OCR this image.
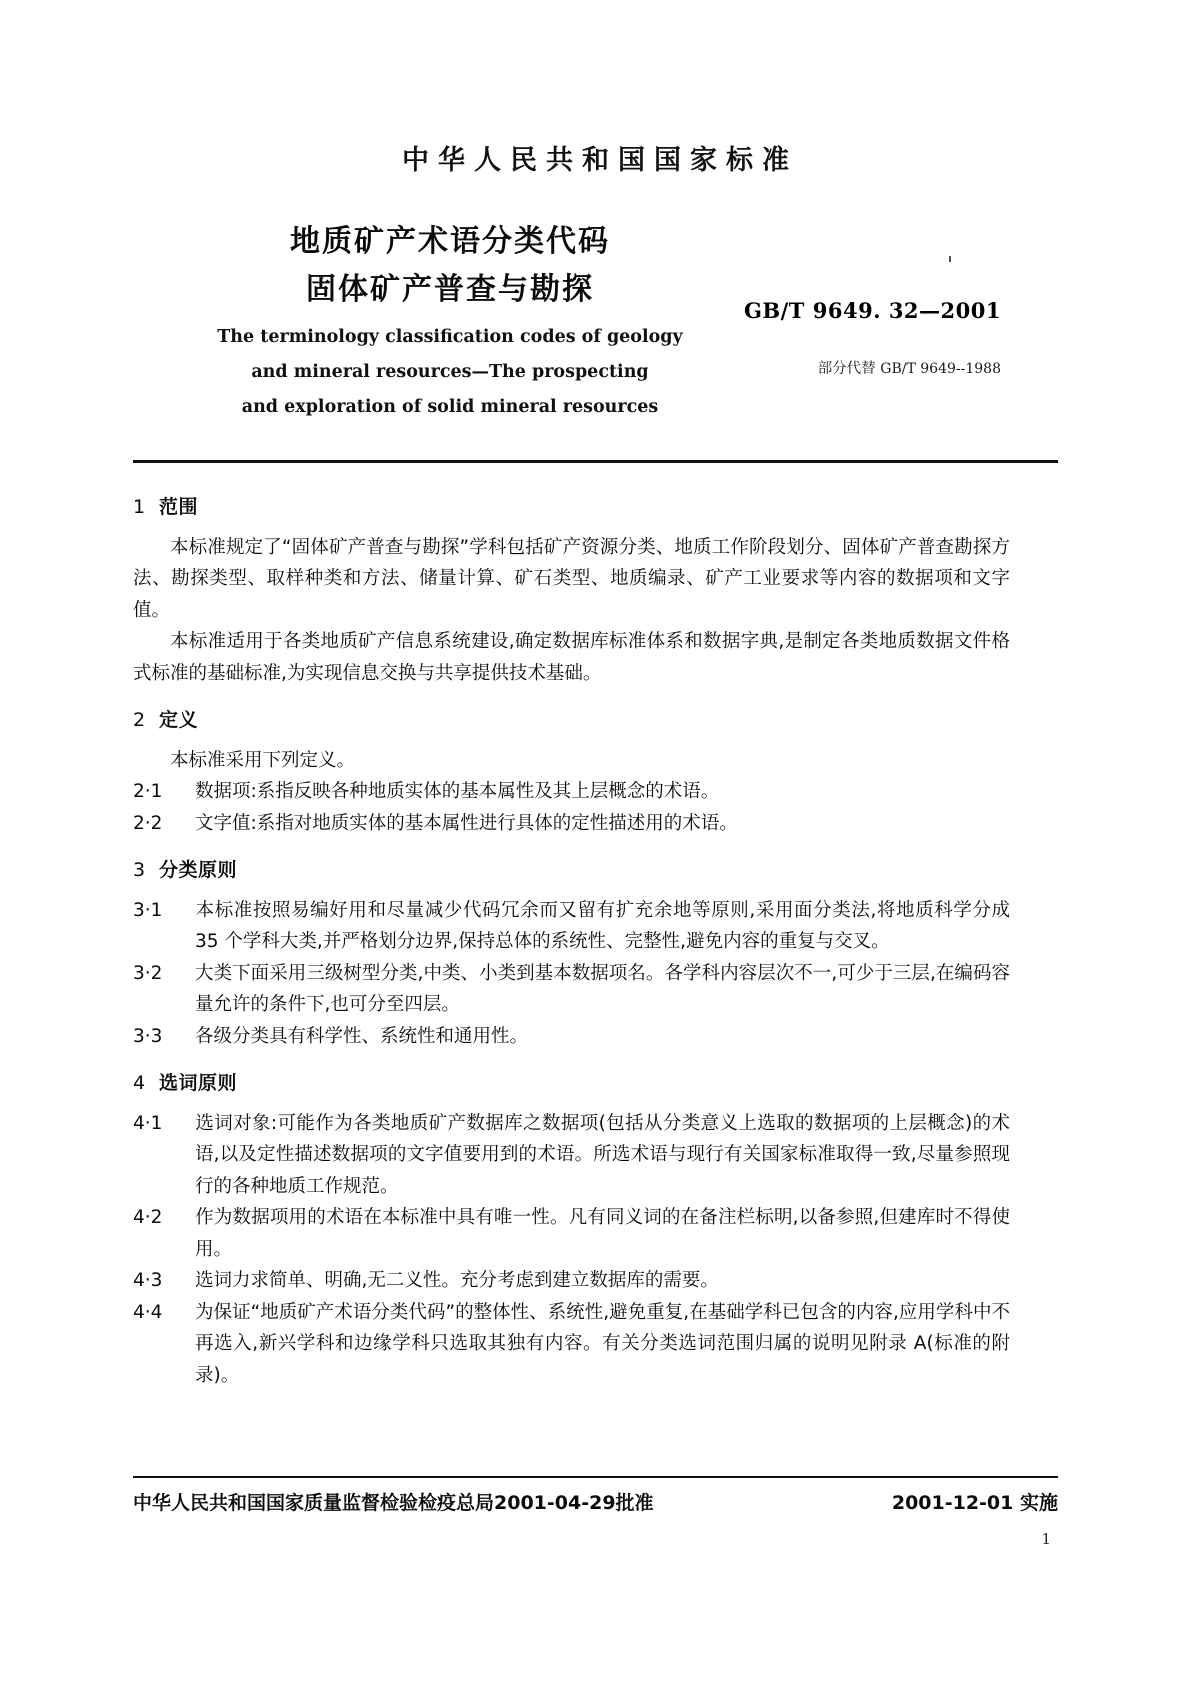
中华人民共和国国家标准
地质矿产术语分类代码
固体矿产普查与勘探
The terminology classification codes of geology
and mineral resources—The prospecting
and exploration of solid mineral resources
GB/T 9649. 32—2001
部分代替 GB/T 9649--1988
1 范围

本标准规定了“固体矿产普查与勘探”学科包括矿产资源分类、地质工作阶段划分、固体矿产普查勘探方法、勘探类型、取样种类和方法、储量计算、矿石类型、地质编录、矿产工业要求等内容的数据项和文字值。

本标准适用于各类地质矿产信息系统建设,确定数据库标准体系和数据字典,是制定各类地质数据文件格式标准的基础标准,为实现信息交换与共享提供技术基础。

2 定义

本标准采用下列定义。

2·1 数据项:系指反映各种地质实体的基本属性及其上层概念的术语。

2·2 文字值:系指对地质实体的基本属性进行具体的定性描述用的术语。

3 分类原则

3·1 本标准按照易编好用和尽量减少代码冗余而又留有扩充余地等原则,采用面分类法,将地质科学分成 35 个学科大类,并严格划分边界,保持总体的系统性、完整性,避免内容的重复与交叉。

3·2 大类下面采用三级树型分类,中类、小类到基本数据项名。各学科内容层次不一,可少于三层,在编码容量允许的条件下,也可分至四层。

3·3 各级分类具有科学性、系统性和通用性。

4 选词原则

4·1 选词对象:可能作为各类地质矿产数据库之数据项(包括从分类意义上选取的数据项的上层概念)的术语,以及定性描述数据项的文字值要用到的术语。所选术语与现行有关国家标准取得一致,尽量参照现行的各种地质工作规范。

4·2 作为数据项用的术语在本标准中具有唯一性。凡有同义词的在备注栏标明,以备参照,但建库时不得使用。

4·3 选词力求简单、明确,无二义性。充分考虑到建立数据库的需要。

4·4 为保证“地质矿产术语分类代码”的整体性、系统性,避免重复,在基础学科已包含的内容,应用学科中不再选入,新兴学科和边缘学科只选取其独有内容。有关分类选词范围归属的说明见附录 A(标准的附录)。

中华人民共和国国家质量监督检验检疫总局2001-04-29批准	2001-12-01 实施
1
